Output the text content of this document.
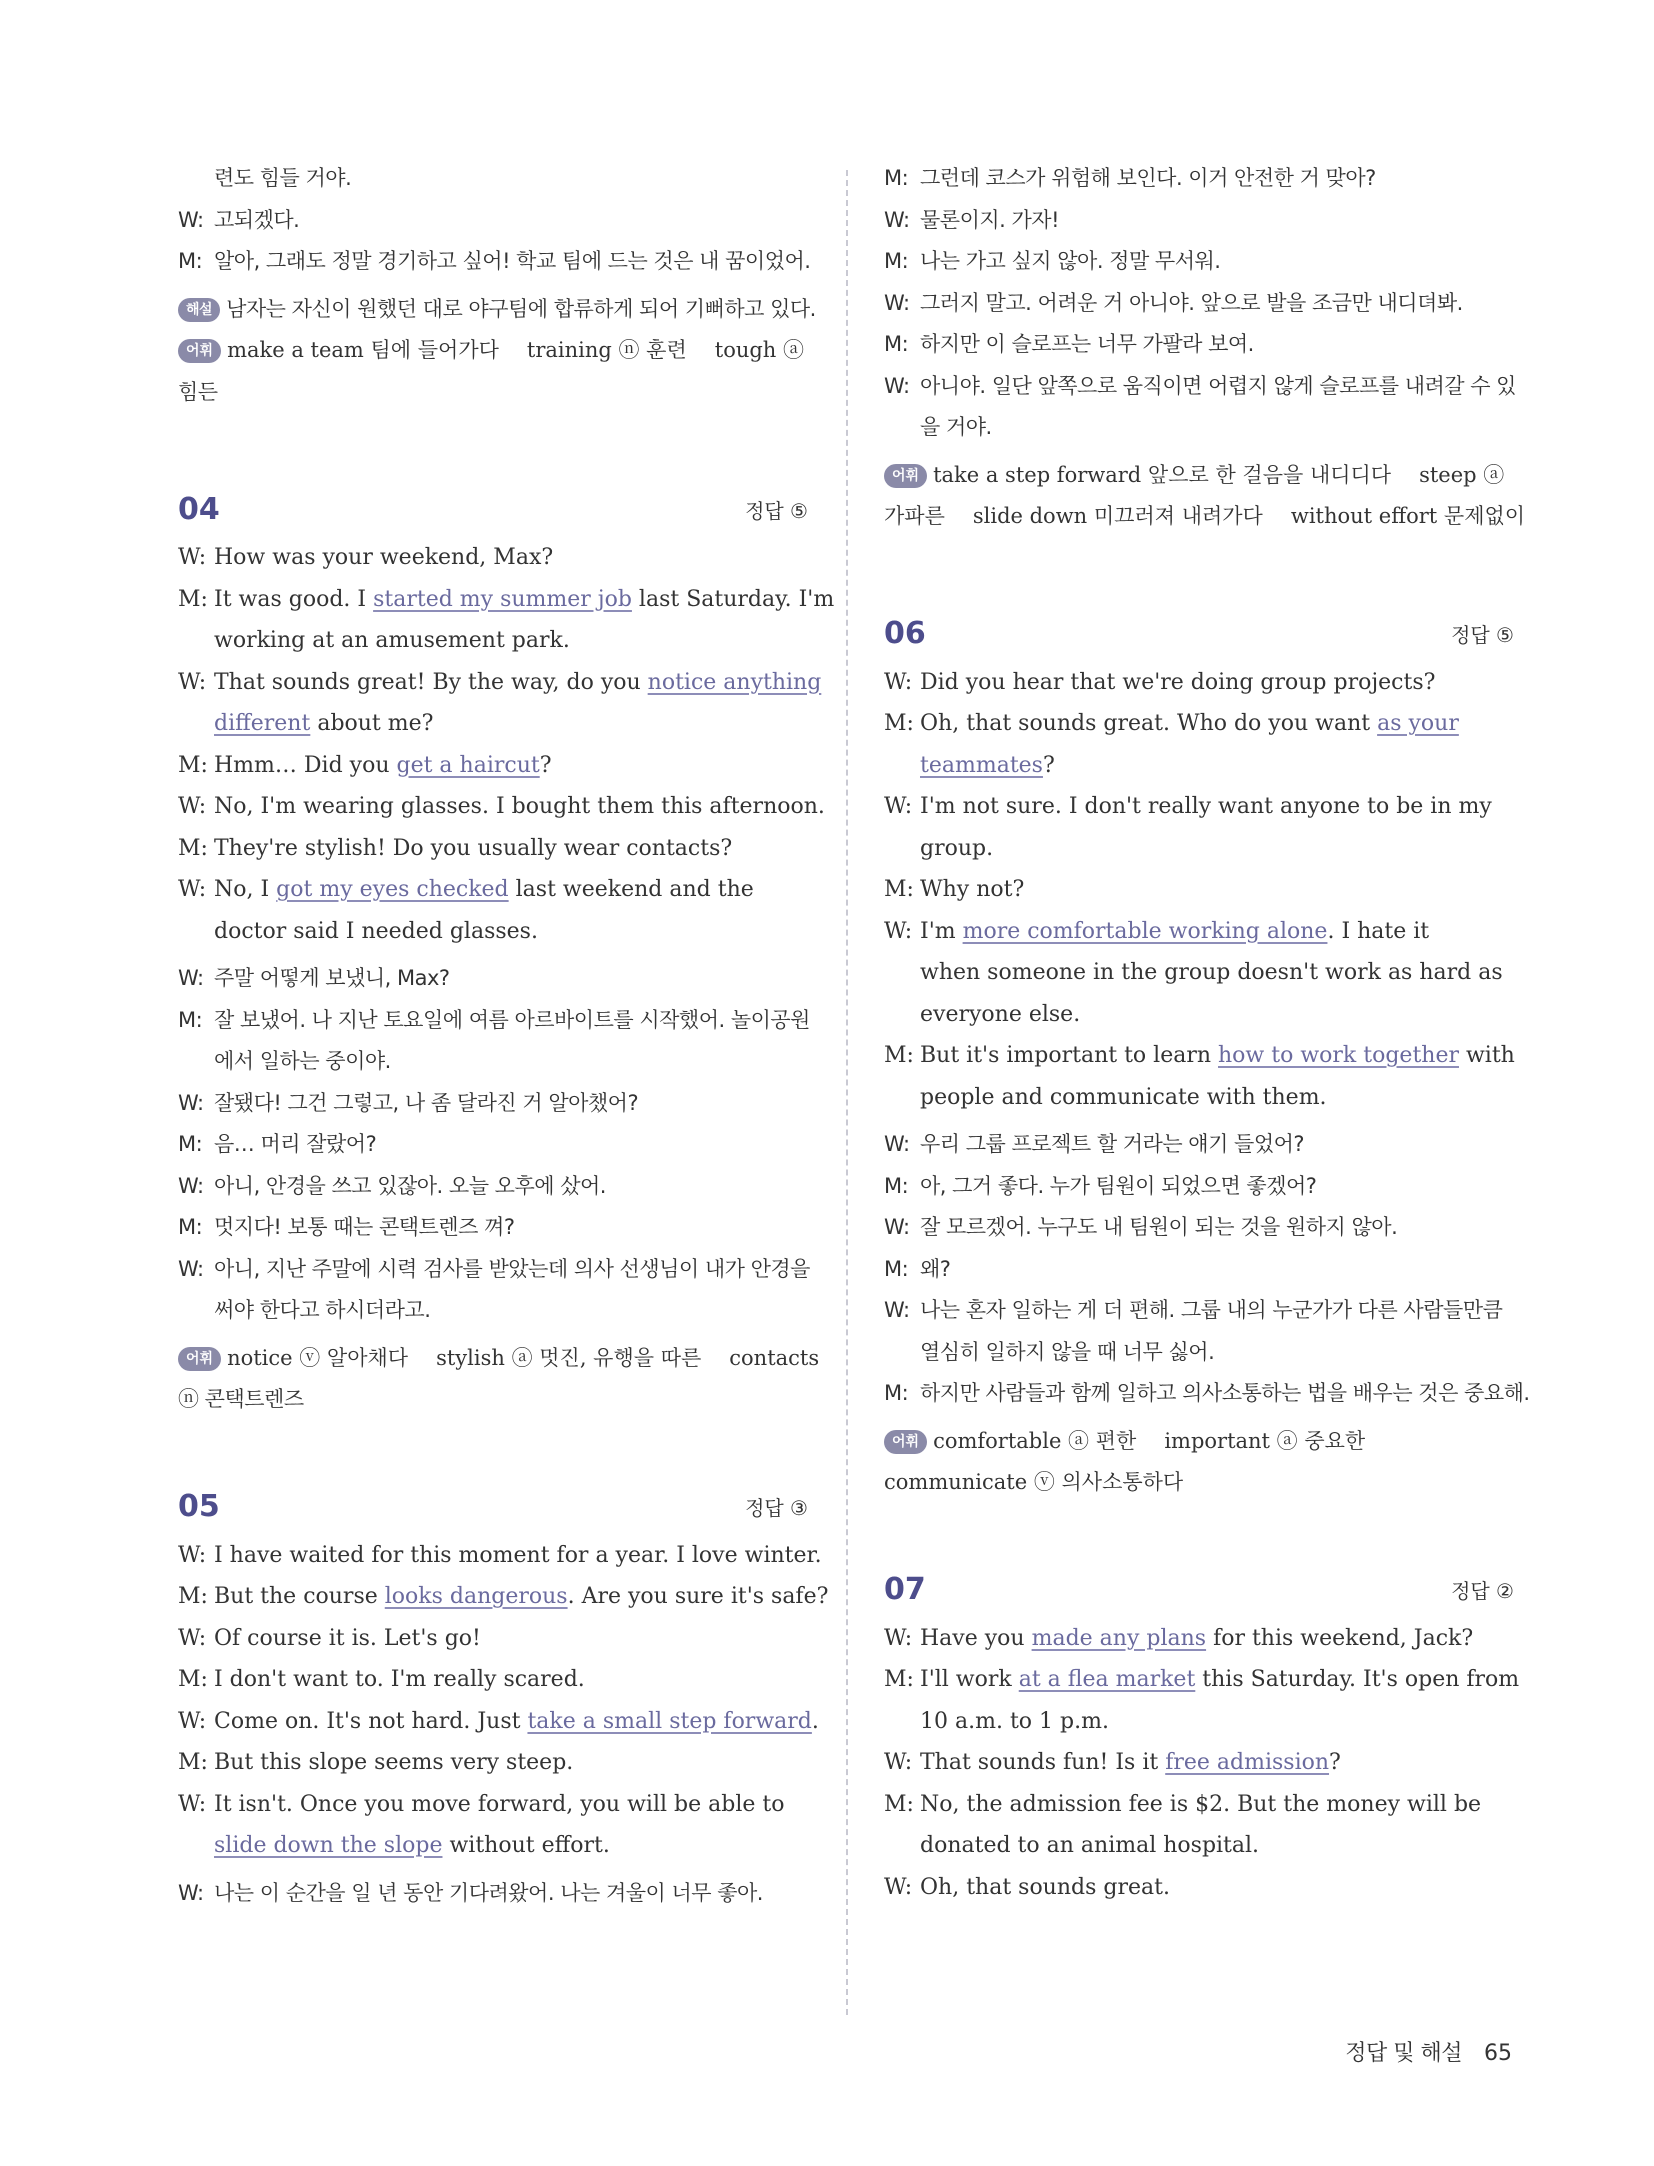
련도 힘들 거야.
W: 고되겠다.
M: 알아, 그래도 정말 경기하고 싶어! 학교 팀에 드는 것은 내 꿈이었어.
해설 남자는 자신이 원했던 대로 야구팀에 합류하게 되어 기뻐하고 있다.
어휘 make a team 팀에 들어가다 training ⓝ 훈련 tough ⓐ
힘든
04	정답 ⑤
W: How was your weekend, Max?
M: It was good. I started my summer job last Saturday. I'm
working at an amusement park.
W: That sounds great! By the way, do you notice anything
different about me?
M: Hmm… Did you get a haircut?
W: No, I'm wearing glasses. I bought them this afternoon.
M: They're stylish! Do you usually wear contacts?
W: No, I got my eyes checked last weekend and the
doctor said I needed glasses.
W: 주말 어떻게 보냈니, Max?
M: 잘 보냈어. 나 지난 토요일에 여름 아르바이트를 시작했어. 놀이공원
에서 일하는 중이야.
W: 잘됐다! 그건 그렇고, 나 좀 달라진 거 알아챘어?
M: 음… 머리 잘랐어?
W: 아니, 안경을 쓰고 있잖아. 오늘 오후에 샀어.
M: 멋지다! 보통 때는 콘택트렌즈 껴?
W: 아니, 지난 주말에 시력 검사를 받았는데 의사 선생님이 내가 안경을
써야 한다고 하시더라고.
어휘 notice ⓥ 알아채다 stylish ⓐ 멋진, 유행을 따른 contacts
ⓝ 콘택트렌즈
05	정답 ③
W: I have waited for this moment for a year. I love winter.
M: But the course looks dangerous. Are you sure it's safe?
W: Of course it is. Let's go!
M: I don't want to. I'm really scared.
W: Come on. It's not hard. Just take a small step forward.
M: But this slope seems very steep.
W: It isn't. Once you move forward, you will be able to
slide down the slope without effort.
W: 나는 이 순간을 일 년 동안 기다려왔어. 나는 겨울이 너무 좋아.
M: 그런데 코스가 위험해 보인다. 이거 안전한 거 맞아?
W: 물론이지. 가자!
M: 나는 가고 싶지 않아. 정말 무서워.
W: 그러지 말고. 어려운 거 아니야. 앞으로 발을 조금만 내디뎌봐.
M: 하지만 이 슬로프는 너무 가팔라 보여.
W: 아니야. 일단 앞쪽으로 움직이면 어렵지 않게 슬로프를 내려갈 수 있
을 거야.
어휘 take a step forward 앞으로 한 걸음을 내디디다 steep ⓐ
가파른 slide down 미끄러져 내려가다 without effort 문제없이
06	정답 ⑤
W: Did you hear that we're doing group projects?
M: Oh, that sounds great. Who do you want as your
teammates?
W: I'm not sure. I don't really want anyone to be in my
group.
M: Why not?
W: I'm more comfortable working alone. I hate it
when someone in the group doesn't work as hard as
everyone else.
M: But it's important to learn how to work together with
people and communicate with them.
W: 우리 그룹 프로젝트 할 거라는 얘기 들었어?
M: 아, 그거 좋다. 누가 팀원이 되었으면 좋겠어?
W: 잘 모르겠어. 누구도 내 팀원이 되는 것을 원하지 않아.
M: 왜?
W: 나는 혼자 일하는 게 더 편해. 그룹 내의 누군가가 다른 사람들만큼
열심히 일하지 않을 때 너무 싫어.
M: 하지만 사람들과 함께 일하고 의사소통하는 법을 배우는 것은 중요해.
어휘 comfortable ⓐ 편한 important ⓐ 중요한
communicate ⓥ 의사소통하다
07	정답 ②
W: Have you made any plans for this weekend, Jack?
M: I'll work at a flea market this Saturday. It's open from
10 a.m. to 1 p.m.
W: That sounds fun! Is it free admission?
M: No, the admission fee is $2. But the money will be
donated to an animal hospital.
W: Oh, that sounds great.
정답 및 해설 65
